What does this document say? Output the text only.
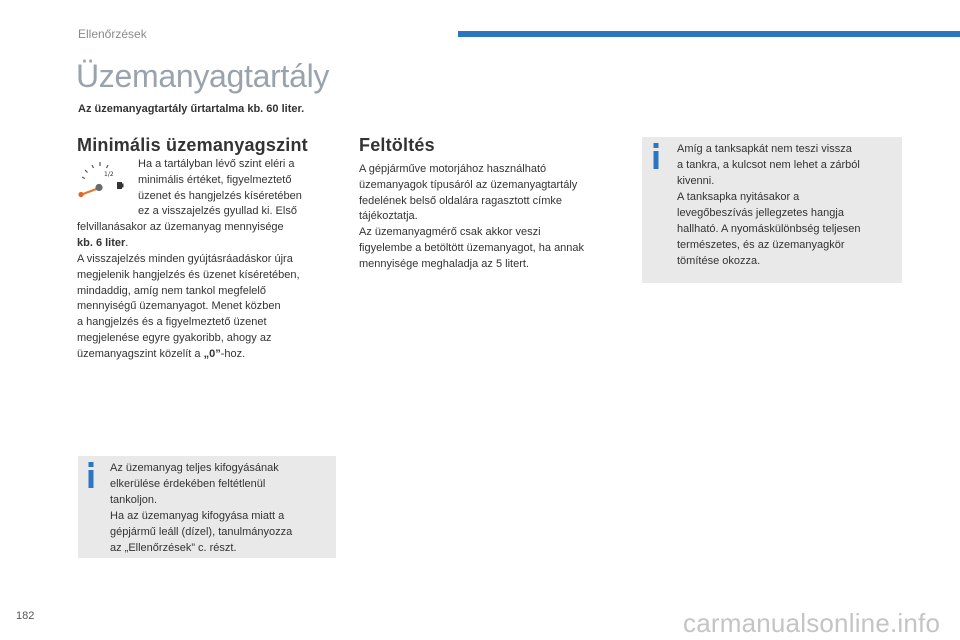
Ellenőrzések
Üzemanyagtartály
Az üzemanyagtartály űrtartalma kb. 60 liter.
Minimális üzemanyagszint
1/2
Ha a tartályban lévő szint eléri a
minimális értéket, figyelmeztető
üzenet és hangjelzés kíséretében
ez a visszajelzés gyullad ki. Első
felvillanásakor az üzemanyag mennyisége
kb. 6 liter.
A visszajelzés minden gyújtásráadáskor újra
megjelenik hangjelzés és üzenet kíséretében,
mindaddig, amíg nem tankol megfelelő
mennyiségű üzemanyagot. Menet közben
a hangjelzés és a figyelmeztető üzenet
megjelenése egyre gyakoribb, ahogy az
üzemanyagszint közelít a „0”-hoz.
Az üzemanyag teljes kifogyásának
elkerülése érdekében feltétlenül
tankoljon.
Ha az üzemanyag kifogyása miatt a
gépjármű leáll (dízel), tanulmányozza
az „Ellenőrzések” c. részt.
Feltöltés
A gépjárművе motorjához használható
üzemanyagok típusáról az üzemanyagtartály
fedelének belső oldalára ragasztott címke
tájékoztatja.
Az üzemanyagmérő csak akkor veszi
figyelembe a betöltött üzemanyagot, ha annak
mennyisége meghaladja az 5 litert.
Amíg a tanksapkát nem teszi vissza
a tankra, a kulcsot nem lehet a zárból
kivenni.
A tanksapka nyitásakor a
levegőbeszívás jellegzetes hangja
hallható. A nyomáskülönbség teljesen
természetes, és az üzemanyagkör
tömítése okozza.
182	carmanualsonline.info
